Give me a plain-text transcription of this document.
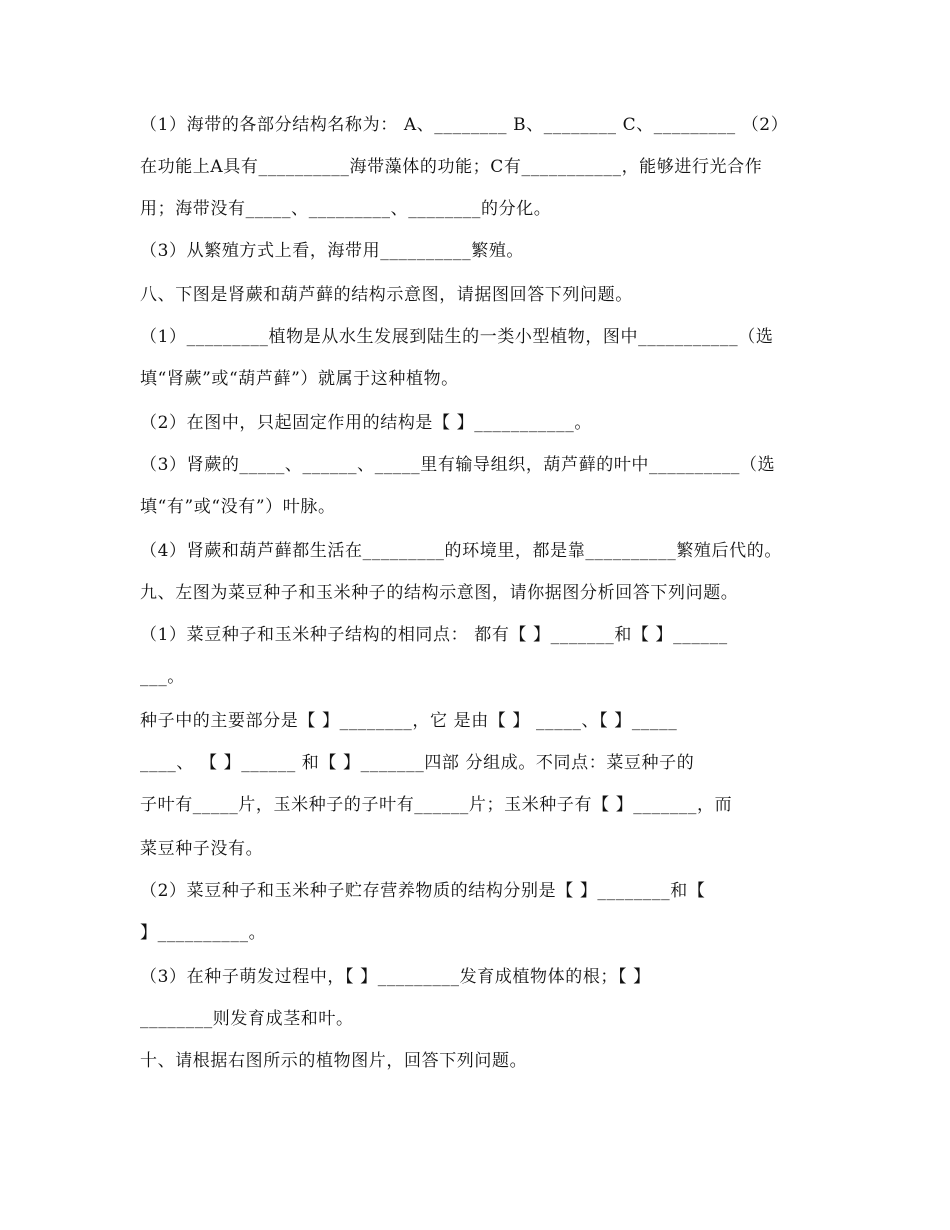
（1）海带的各部分结构名称为： A、________ B、________ C、_________ （2）
在功能上A具有__________海带藻体的功能；C有___________，能够进行光合作
用；海带没有_____、_________、________的分化。
（3）从繁殖方式上看，海带用__________繁殖。
八、下图是肾蕨和葫芦藓的结构示意图，请据图回答下列问题。
（1）_________植物是从水生发展到陆生的一类小型植物，图中___________（选
填“肾蕨”或“葫芦藓”）就属于这种植物。
（2）在图中，只起固定作用的结构是【 】___________。
（3）肾蕨的_____、______、_____里有输导组织，葫芦藓的叶中__________（选
填“有”或“没有”）叶脉。
（4）肾蕨和葫芦藓都生活在_________的环境里，都是靠__________繁殖后代的。
九、左图为菜豆种子和玉米种子的结构示意图，请你据图分析回答下列问题。
（1）菜豆种子和玉米种子结构的相同点： 都有【 】_______和【 】______
___。
种子中的主要部分是【 】________，它 是由【 】 _____、【 】_____
____、 【 】______ 和【 】_______四部 分组成。不同点：菜豆种子的
子叶有_____片，玉米种子的子叶有______片；玉米种子有【 】_______，而
菜豆种子没有。
（2）菜豆种子和玉米种子贮存营养物质的结构分别是【 】________和【
】__________。
（3）在种子萌发过程中，【 】_________发育成植物体的根；【 】
________则发育成茎和叶。
十、请根据右图所示的植物图片，回答下列问题。
